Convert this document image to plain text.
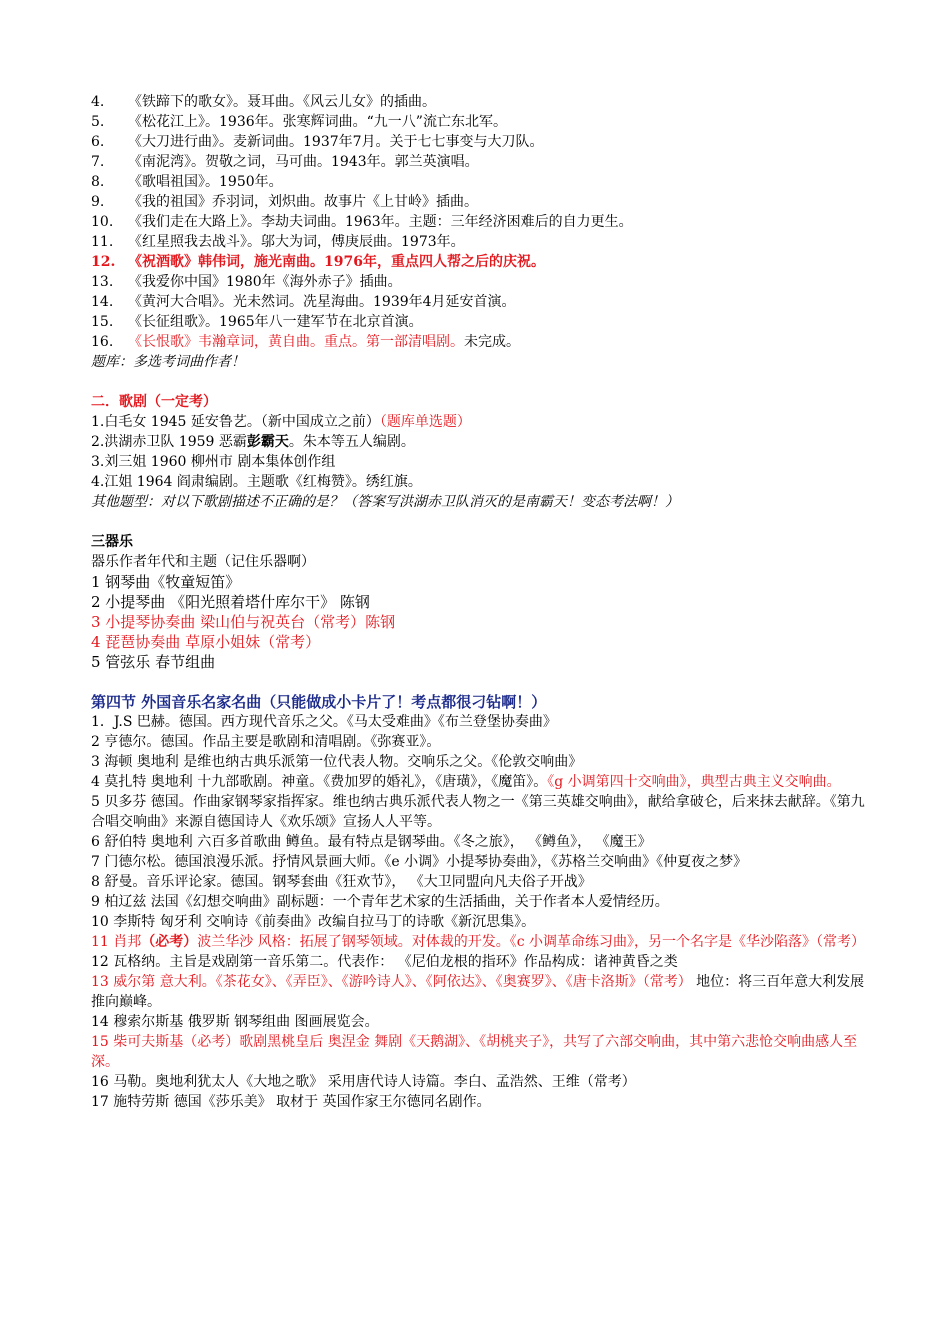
4. 《铁蹄下的歌女》。聂耳曲。《风云儿女》的插曲。
5. 《松花江上》。1936年。张寒辉词曲。“九一八”流亡东北军。
6. 《大刀进行曲》。麦新词曲。1937年7月。关于七七事变与大刀队。
7. 《南泥湾》。贺敬之词，马可曲。1943年。郭兰英演唱。
8. 《歌唱祖国》。1950年。
9. 《我的祖国》乔羽词，刘炽曲。故事片《上甘岭》插曲。
10. 《我们走在大路上》。李劫夫词曲。1963年。主题：三年经济困难后的自力更生。
11. 《红星照我去战斗》。邬大为词，傅庚辰曲。1973年。
12. 《祝酒歌》韩伟词，施光南曲。1976年，重点四人帮之后的庆祝。
13. 《我爱你中国》1980年《海外赤子》插曲。
14. 《黄河大合唱》。光未然词。冼星海曲。1939年4月延安首演。
15. 《长征组歌》。1965年八一建军节在北京首演。
16. 《长恨歌》韦瀚章词，黄自曲。重点。第一部清唱剧。未完成。
题库：多选考词曲作者！
二．歌剧（一定考）
1.白毛女 1945 延安鲁艺。（新中国成立之前）（题库单选题）
2.洪湖赤卫队 1959 恶霸彭霸天。朱本等五人编剧。
3.刘三姐 1960 柳州市 剧本集体创作组
4.江姐 1964 阎肃编剧。主题歌《红梅赞》。绣红旗。
其他题型：对以下歌剧描述不正确的是？（答案写洪湖赤卫队消灭的是南霸天！变态考法啊！）
三器乐
器乐作者年代和主题（记住乐器啊）
1 钢琴曲《牧童短笛》
2 小提琴曲 《阳光照着塔什库尔干》 陈钢
3 小提琴协奏曲 梁山伯与祝英台（常考）陈钢
4 琵琶协奏曲 草原小姐妹（常考）
5 管弦乐 春节组曲
第四节 外国音乐名家名曲（只能做成小卡片了！考点都很刁钻啊！）
1．J.S 巴赫。德国。西方现代音乐之父。《马太受难曲》《布兰登堡协奏曲》
2 亨德尔。德国。作品主要是歌剧和清唱剧。《弥赛亚》。
3 海顿 奥地利 是维也纳古典乐派第一位代表人物。交响乐之父。《伦敦交响曲》
4 莫扎特 奥地利 十九部歌剧。神童。《费加罗的婚礼》，《唐璜》，《魔笛》。《g 小调第四十交响曲》，典型古典主义交响曲。
5 贝多芬 德国。作曲家钢琴家指挥家。维也纳古典乐派代表人物之一《第三英雄交响曲》，献给拿破仑，后来抹去献辞。《第九合唱交响曲》来源自德国诗人《欢乐颂》宣扬人人平等。
6 舒伯特 奥地利 六百多首歌曲 鳟鱼。最有特点是钢琴曲。《冬之旅》， 《鳟鱼》， 《魔王》
7 门德尔松。德国浪漫乐派。抒情风景画大师。《e 小调》小提琴协奏曲》，《苏格兰交响曲》《仲夏夜之梦》
8 舒曼。音乐评论家。德国。钢琴套曲《狂欢节》， 《大卫同盟向凡夫俗子开战》
9 柏辽兹 法国《幻想交响曲》副标题：一个青年艺术家的生活插曲，关于作者本人爱情经历。
10 李斯特 匈牙利 交响诗《前奏曲》改编自拉马丁的诗歌《新沉思集》。
11 肖邦（必考）波兰华沙 风格：拓展了钢琴领域。对体裁的开发。《c 小调革命练习曲》，另一个名字是《华沙陷落》（常考）
12 瓦格纳。主旨是戏剧第一音乐第二。代表作： 《尼伯龙根的指环》作品构成：诸神黄昏之类
13 威尔第 意大利。《茶花女》、《弄臣》、《游吟诗人》、《阿依达》、《奥赛罗》、《唐卡洛斯》（常考） 地位：将三百年意大利发展推向巅峰。
14 穆索尔斯基 俄罗斯 钢琴组曲 图画展览会。
15 柴可夫斯基（必考）歌剧黑桃皇后 奥涅金 舞剧《天鹅湖》、《胡桃夹子》，共写了六部交响曲，其中第六悲怆交响曲感人至深。
16 马勒。奥地利犹太人《大地之歌》 采用唐代诗人诗篇。李白、孟浩然、王维（常考）
17 施特劳斯 德国《莎乐美》 取材于 英国作家王尔德同名剧作。
